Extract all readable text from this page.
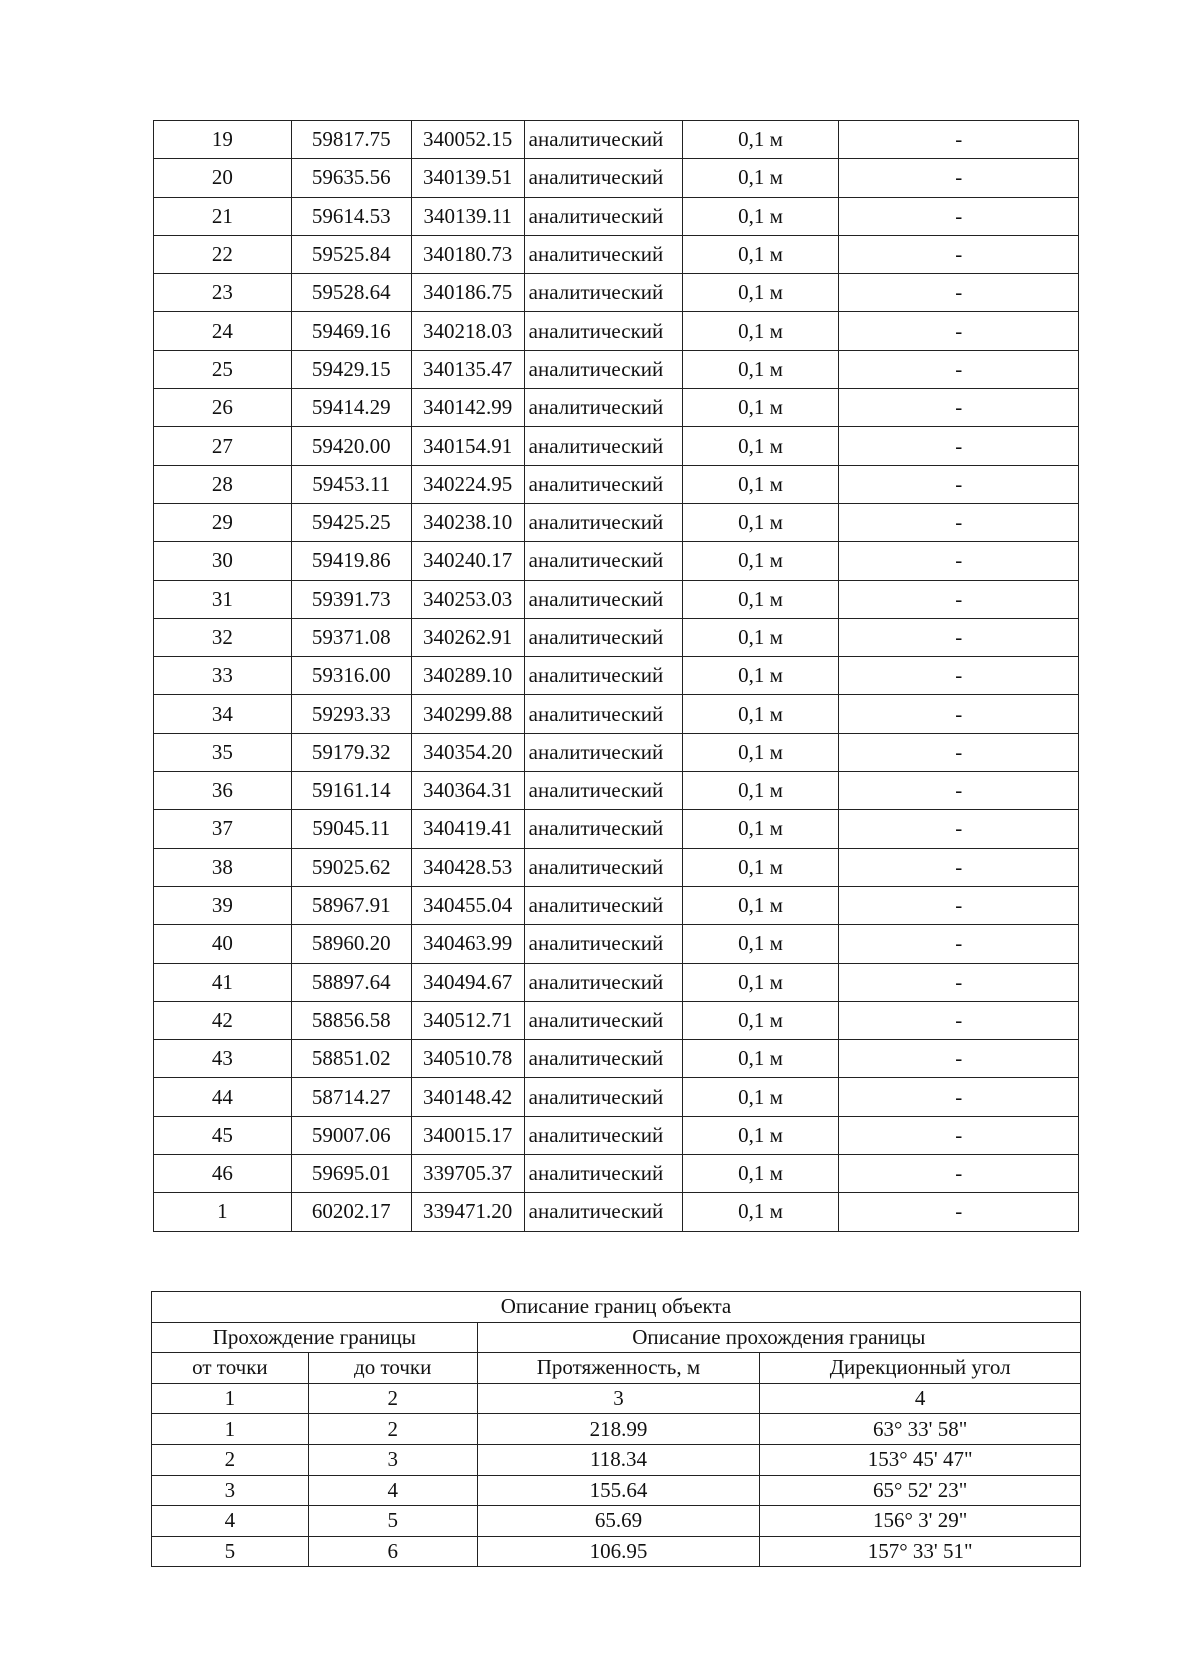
19	59817.75	340052.15	аналитический	0,1 м	-
20	59635.56	340139.51	аналитический	0,1 м	-
21	59614.53	340139.11	аналитический	0,1 м	-
22	59525.84	340180.73	аналитический	0,1 м	-
23	59528.64	340186.75	аналитический	0,1 м	-
24	59469.16	340218.03	аналитический	0,1 м	-
25	59429.15	340135.47	аналитический	0,1 м	-
26	59414.29	340142.99	аналитический	0,1 м	-
27	59420.00	340154.91	аналитический	0,1 м	-
28	59453.11	340224.95	аналитический	0,1 м	-
29	59425.25	340238.10	аналитический	0,1 м	-
30	59419.86	340240.17	аналитический	0,1 м	-
31	59391.73	340253.03	аналитический	0,1 м	-
32	59371.08	340262.91	аналитический	0,1 м	-
33	59316.00	340289.10	аналитический	0,1 м	-
34	59293.33	340299.88	аналитический	0,1 м	-
35	59179.32	340354.20	аналитический	0,1 м	-
36	59161.14	340364.31	аналитический	0,1 м	-
37	59045.11	340419.41	аналитический	0,1 м	-
38	59025.62	340428.53	аналитический	0,1 м	-
39	58967.91	340455.04	аналитический	0,1 м	-
40	58960.20	340463.99	аналитический	0,1 м	-
41	58897.64	340494.67	аналитический	0,1 м	-
42	58856.58	340512.71	аналитический	0,1 м	-
43	58851.02	340510.78	аналитический	0,1 м	-
44	58714.27	340148.42	аналитический	0,1 м	-
45	59007.06	340015.17	аналитический	0,1 м	-
46	59695.01	339705.37	аналитический	0,1 м	-
1	60202.17	339471.20	аналитический	0,1 м	-
Описание границ объекта			
Прохождение границы		Описание прохождения границы	
от точки	до точки	Протяженность, м	Дирекционный угол
1	2	3	4
1	2	218.99	63° 33' 58"
2	3	118.34	153° 45' 47"
3	4	155.64	65° 52' 23"
4	5	65.69	156° 3' 29"
5	6	106.95	157° 33' 51"
